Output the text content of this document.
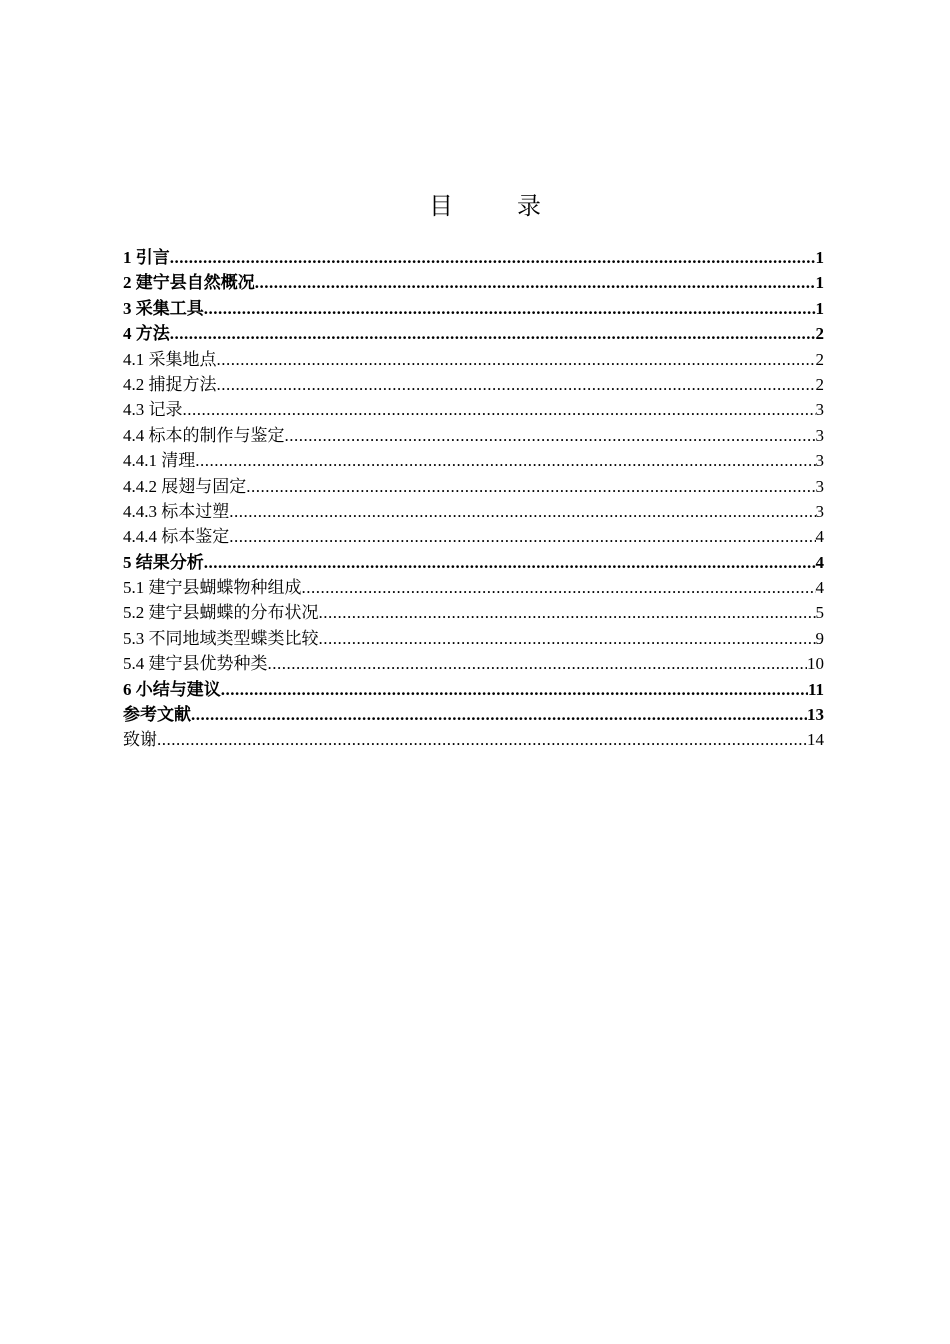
目　录
1 引言 .....	1
2 建宁县自然概况 .....	1
3 采集工具 .....	1
4 方法 .....	2
4.1 采集地点 .....	2
4.2 捕捉方法 .....	2
4.3 记录 .....	3
4.4 标本的制作与鉴定 .....	3
4.4.1 清理 .....	3
4.4.2 展翅与固定 .....	3
4.4.3 标本过塑 .....	3
4.4.4 标本鉴定 .....	4
5 结果分析 .....	4
5.1 建宁县蝴蝶物种组成 .....	4
5.2 建宁县蝴蝶的分布状况 .....	5
5.3 不同地域类型蝶类比较 .....	9
5.4 建宁县优势种类 .....	10
6 小结与建议 .....	11
参考文献 .....	13
致谢 .....	14
